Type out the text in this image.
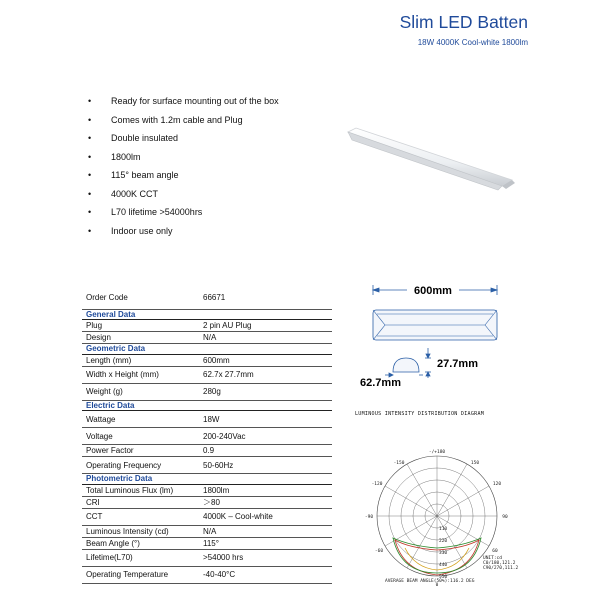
Slim LED Batten
18W 4000K Cool-white 1800lm
• Ready for surface mounting out of the box
• Comes with 1.2m cable and Plug
• Double insulated
• 1800lm
• 115° beam angle
• 4000K CCT
• L70 lifetime >54000hrs
• Indoor use only
Order Code	66671
General Data	
Plug	2 pin AU Plug
Design	N/A
Geometric Data	
Length (mm)	600mm
Width x Height (mm)	62.7x 27.7mm
Weight (g)	280g
Electric Data	
Wattage	18W
Voltage	200-240Vac
Power Factor	0.9
Operating Frequency	50-60Hz
Photometric Data	
Total Luminous Flux (lm)	1800lm
CRI	＞80
CCT	4000K – Cool-white
Luminous Intensity (cd)	N/A
Beam Angle (°)	115°
Lifetime(L70)	>54000 hrs
Operating Temperature	-40-40°C
600mm
27.7mm
62.7mm
LUMINOUS INTENSITY DISTRIBUTION DIAGRAM
-/+180
-150	150
-120	120
-90	90
-60	60
110
220
330
440
550
0
UNIT:cd
C0/180,121.2
C90/270,111.2
AVERAGE BEAM ANGLE(50%):116.2 DEG
